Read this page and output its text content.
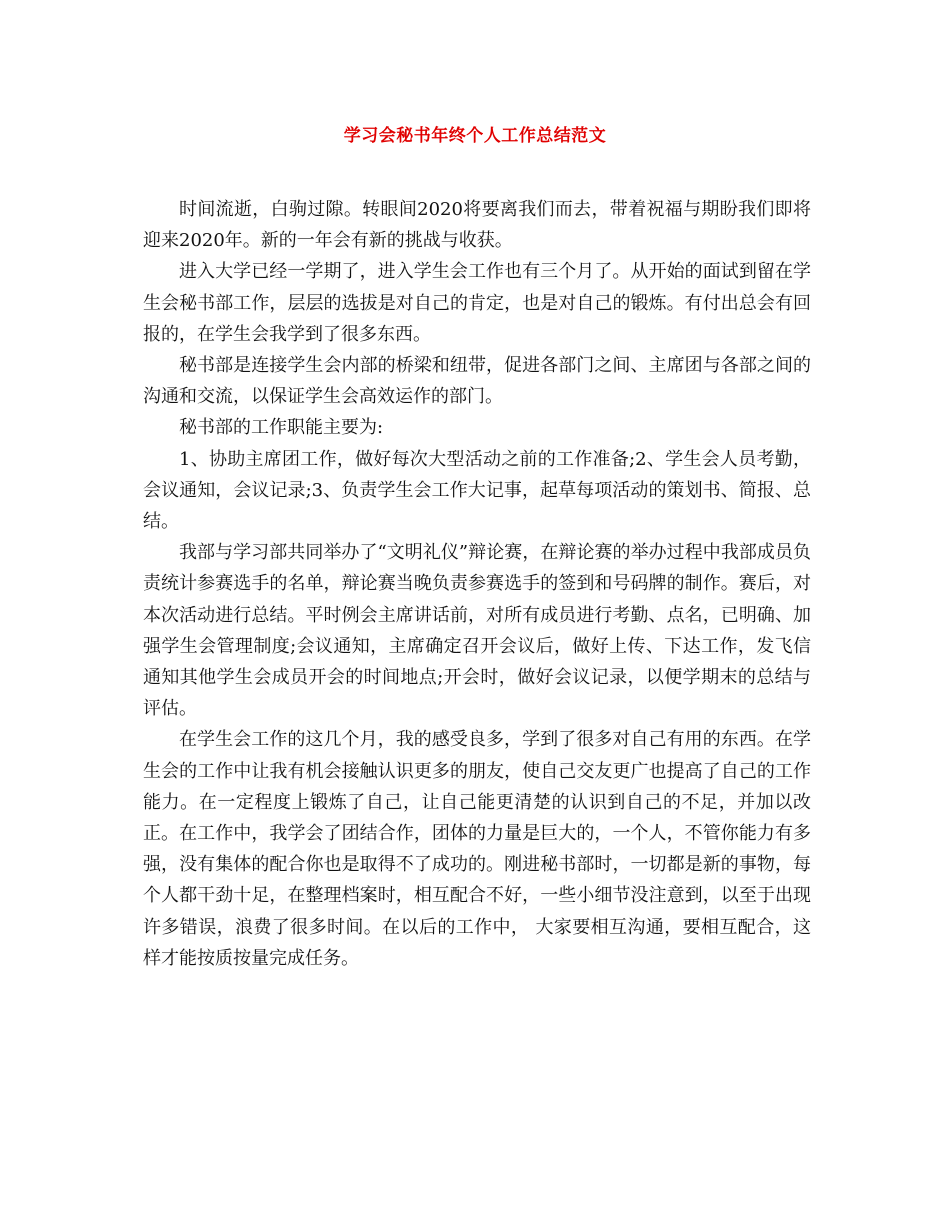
学习会秘书年终个人工作总结范文

时间流逝，白驹过隙。转眼间2020将要离我们而去，带着祝福与期盼我们即将迎来2020年。新的一年会有新的挑战与收获。

进入大学已经一学期了，进入学生会工作也有三个月了。从开始的面试到留在学生会秘书部工作，层层的选拔是对自己的肯定，也是对自己的锻炼。有付出总会有回报的，在学生会我学到了很多东西。

秘书部是连接学生会内部的桥梁和纽带，促进各部门之间、主席团与各部之间的沟通和交流，以保证学生会高效运作的部门。

秘书部的工作职能主要为:

1、协助主席团工作，做好每次大型活动之前的工作准备;2、学生会人员考勤，会议通知，会议记录;3、负责学生会工作大记事，起草每项活动的策划书、简报、总结。

我部与学习部共同举办了“文明礼仪”辩论赛，在辩论赛的举办过程中我部成员负责统计参赛选手的名单，辩论赛当晚负责参赛选手的签到和号码牌的制作。赛后，对本次活动进行总结。平时例会主席讲话前，对所有成员进行考勤、点名，已明确、加强学生会管理制度;会议通知，主席确定召开会议后，做好上传、下达工作，发飞信通知其他学生会成员开会的时间地点;开会时，做好会议记录，以便学期末的总结与评估。

在学生会工作的这几个月，我的感受良多，学到了很多对自己有用的东西。在学生会的工作中让我有机会接触认识更多的朋友，使自己交友更广也提高了自己的工作能力。在一定程度上锻炼了自己，让自己能更清楚的认识到自己的不足，并加以改正。在工作中，我学会了团结合作，团体的力量是巨大的，一个人，不管你能力有多强，没有集体的配合你也是取得不了成功的。刚进秘书部时，一切都是新的事物，每个人都干劲十足，在整理档案时，相互配合不好，一些小细节没注意到，以至于出现许多错误，浪费了很多时间。在以后的工作中， 大家要相互沟通，要相互配合，这样才能按质按量完成任务。
